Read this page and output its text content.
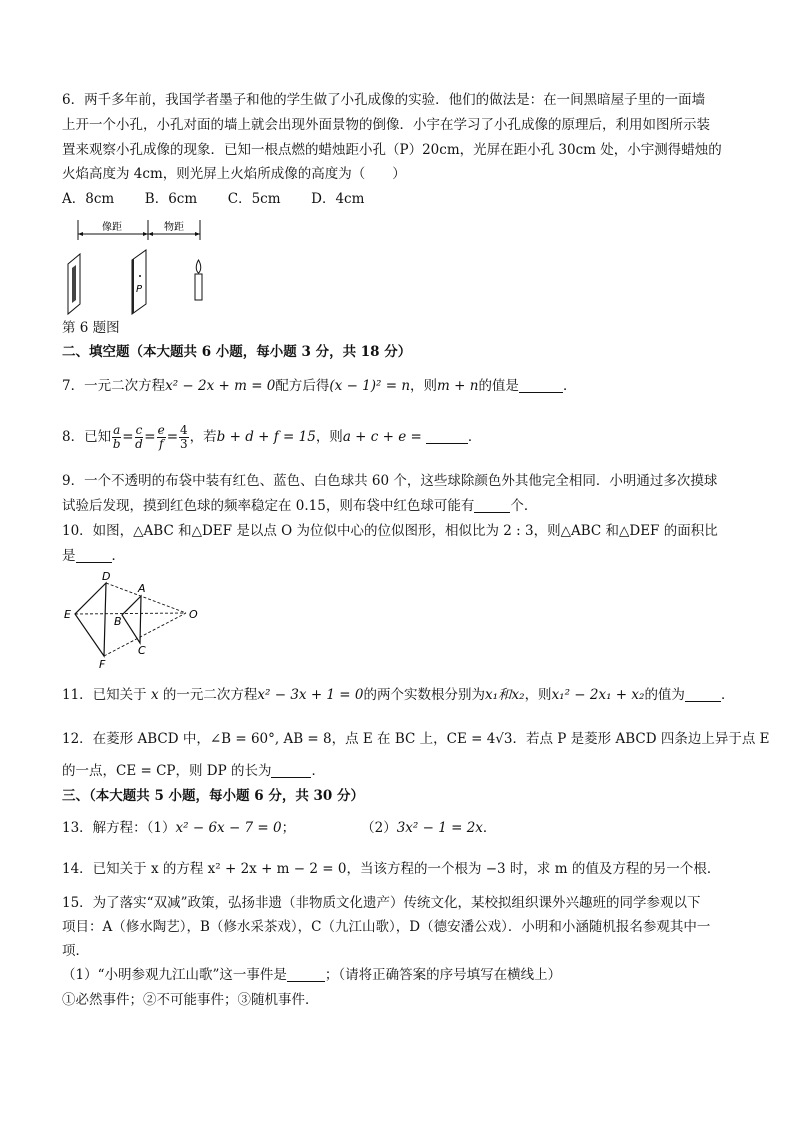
6．两千多年前，我国学者墨子和他的学生做了小孔成像的实验．他们的做法是：在一间黑暗屋子里的一面墙
上开一个小孔，小孔对面的墙上就会出现外面景物的倒像．小宇在学习了小孔成像的原理后，利用如图所示装
置来观察小孔成像的现象．已知一根点燃的蜡烛距小孔（P）20cm，光屏在距小孔 30cm 处，小宇测得蜡烛的
火焰高度为 4cm，则光屏上火焰所成像的高度为（　　）
A．8cm B．6cm C．5cm D．4cm
像距	物距
P
第 6 题图
二、填空题（本大题共 6 小题，每小题 3 分，共 18 分）
7．一元二次方程x² − 2x + m = 0配方后得(x − 1)² = n，则m + n的值是	．
8．已知 $\frac{a}{b} = \frac{c}{d} = \frac{e}{f} = \frac{4}{3}$ ，若b + d + f = 15，则a + c + e =	．
9．一个不透明的布袋中装有红色、蓝色、白色球共 60 个，这些球除颜色外其他完全相同．小明通过多次摸球
试验后发现，摸到红色球的频率稳定在 0.15，则布袋中红色球可能有	个．
10．如图，△ABC 和△DEF 是以点 O 为位似中心的位似图形，相似比为 2 : 3，则△ABC 和△DEF 的面积比
是	．
D
A
E
B
O
C
F
11．已知关于 x 的一元二次方程x² − 3x + 1 = 0的两个实数根分别为x₁和x₂，则x₁² − 2x₁ + x₂的值为	．
12．在菱形 ABCD 中，∠B = 60°, AB = 8，点 E 在 BC 上，CE = 4√3．若点 P 是菱形 ABCD 四条边上异于点 E
的一点，CE = CP，则 DP 的长为	．
三、（本大题共 5 小题，每小题 6 分，共 30 分）
13．解方程：（1）x² − 6x − 7 = 0；	（2）3x² − 1 = 2x．
14．已知关于 x 的方程 x² + 2x + m − 2 = 0，当该方程的一个根为 −3 时，求 m 的值及方程的另一个根．
15．为了落实“双减”政策，弘扬非遗（非物质文化遗产）传统文化，某校拟组织课外兴趣班的同学参观以下
项目：A（修水陶艺），B（修水采茶戏），C（九江山歌），D（德安潘公戏）．小明和小涵随机报名参观其中一
项．
（1）“小明参观九江山歌”这一事件是	；（请将正确答案的序号填写在横线上）
①必然事件；②不可能事件；③随机事件．
